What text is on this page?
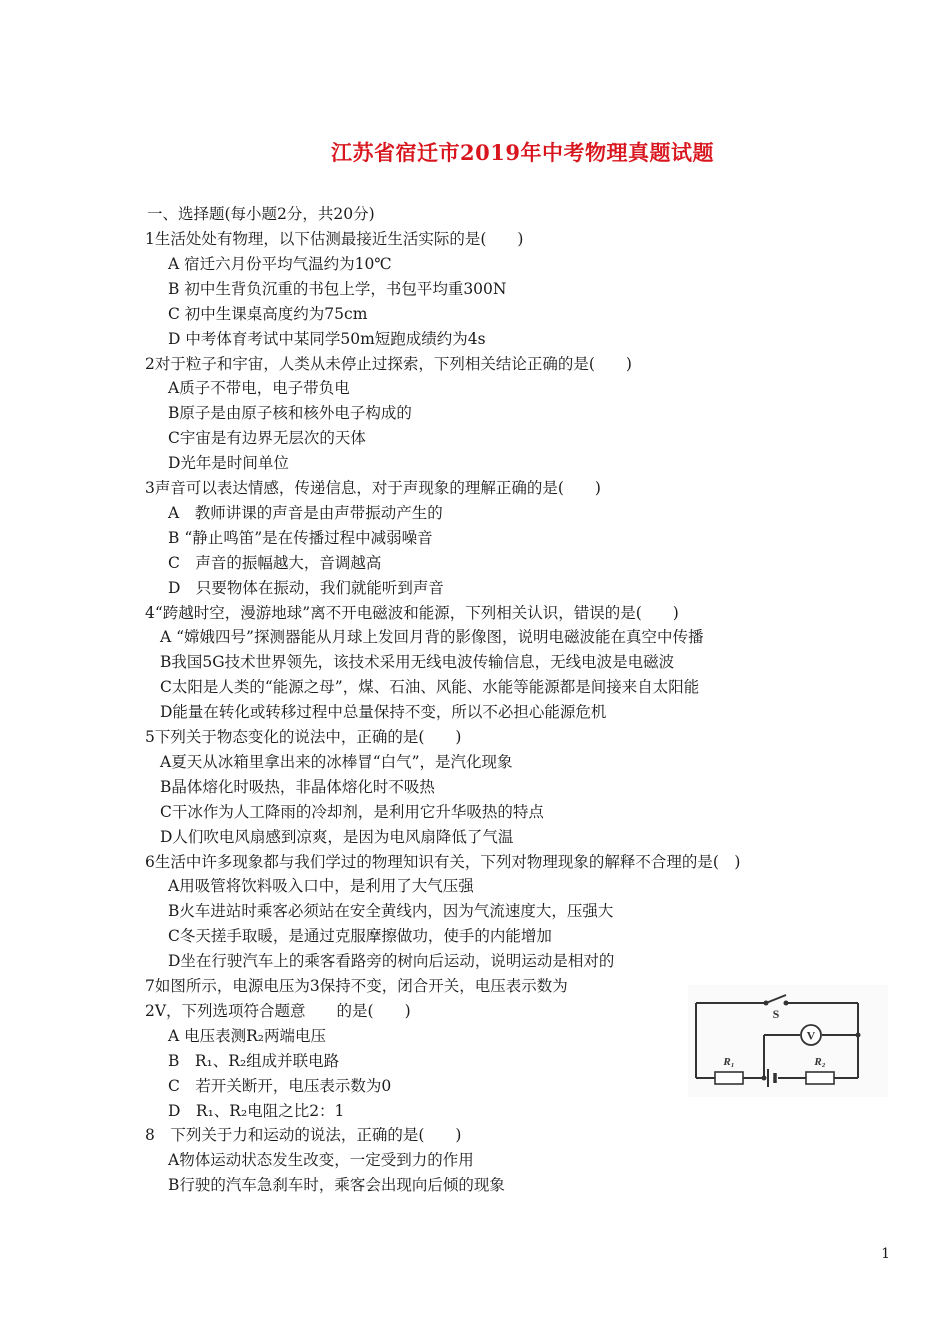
江苏省宿迁市2019年中考物理真题试题
一、选择题(每小题2分，共20分)
1生活处处有物理，以下估测最接近生活实际的是(　　)
A 宿迁六月份平均气温约为10℃
B 初中生背负沉重的书包上学，书包平均重300N
C 初中生课桌高度约为75cm
D 中考体育考试中某同学50m短跑成绩约为4s
2对于粒子和宇宙，人类从未停止过探索，下列相关结论正确的是(　　)
A质子不带电，电子带负电
B原子是由原子核和核外电子构成的
C宇宙是有边界无层次的天体
D光年是时间单位
3声音可以表达情感，传递信息，对于声现象的理解正确的是(　　)
A　教师讲课的声音是由声带振动产生的
B “静止鸣笛”是在传播过程中减弱噪音
C　声音的振幅越大，音调越高
D　只要物体在振动，我们就能听到声音
4“跨越时空，漫游地球”离不开电磁波和能源，下列相关认识，错误的是(　　)
A “嫦娥四号”探测器能从月球上发回月背的影像图，说明电磁波能在真空中传播
B我国5G技术世界领先，该技术采用无线电波传输信息，无线电波是电磁波
C太阳是人类的“能源之母”，煤、石油、风能、水能等能源都是间接来自太阳能
D能量在转化或转移过程中总量保持不变，所以不必担心能源危机
5下列关于物态变化的说法中，正确的是(　　)
A夏天从冰箱里拿出来的冰棒冒“白气”，是汽化现象
B晶体熔化时吸热，非晶体熔化时不吸热
C干冰作为人工降雨的冷却剂，是利用它升华吸热的特点
D人们吹电风扇感到凉爽，是因为电风扇降低了气温
6生活中许多现象都与我们学过的物理知识有关，下列对物理现象的解释不合理的是(　)
A用吸管将饮料吸入口中，是利用了大气压强
B火车进站时乘客必须站在安全黄线内，因为气流速度大，压强大
C冬天搓手取暖，是通过克服摩擦做功，使手的内能增加
D坐在行驶汽车上的乘客看路旁的树向后运动，说明运动是相对的
7如图所示，电源电压为3保持不变，闭合开关，电压表示数为
2V，下列选项符合题意　　的是(　　)
A 电压表测R₂两端电压
B　R₁、R₂组成并联电路
C　若开关断开，电压表示数为0
D　R₁、R₂电阻之比2：1
8　下列关于力和运动的说法，正确的是(　　)
A物体运动状态发生改变，一定受到力的作用
B行驶的汽车急刹车时，乘客会出现向后倾的现象
V
S
R₁	R₂
1
